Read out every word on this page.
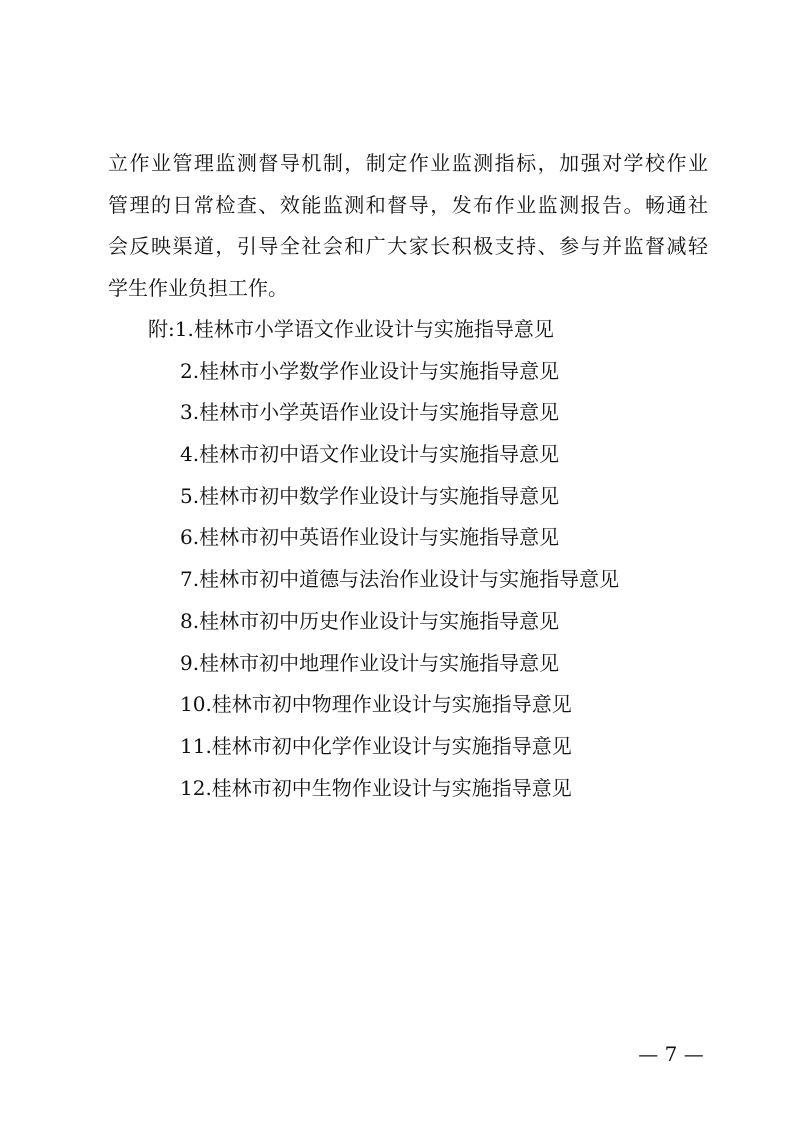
立作业管理监测督导机制，制定作业监测指标，加强对学校作业
管理的日常检查、效能监测和督导，发布作业监测报告。畅通社
会反映渠道，引导全社会和广大家长积极支持、参与并监督减轻
学生作业负担工作。
附:1.桂林市小学语文作业设计与实施指导意见
2.桂林市小学数学作业设计与实施指导意见
3.桂林市小学英语作业设计与实施指导意见
4.桂林市初中语文作业设计与实施指导意见
5.桂林市初中数学作业设计与实施指导意见
6.桂林市初中英语作业设计与实施指导意见
7.桂林市初中道德与法治作业设计与实施指导意见
8.桂林市初中历史作业设计与实施指导意见
9.桂林市初中地理作业设计与实施指导意见
10.桂林市初中物理作业设计与实施指导意见
11.桂林市初中化学作业设计与实施指导意见
12.桂林市初中生物作业设计与实施指导意见
— 7 —
